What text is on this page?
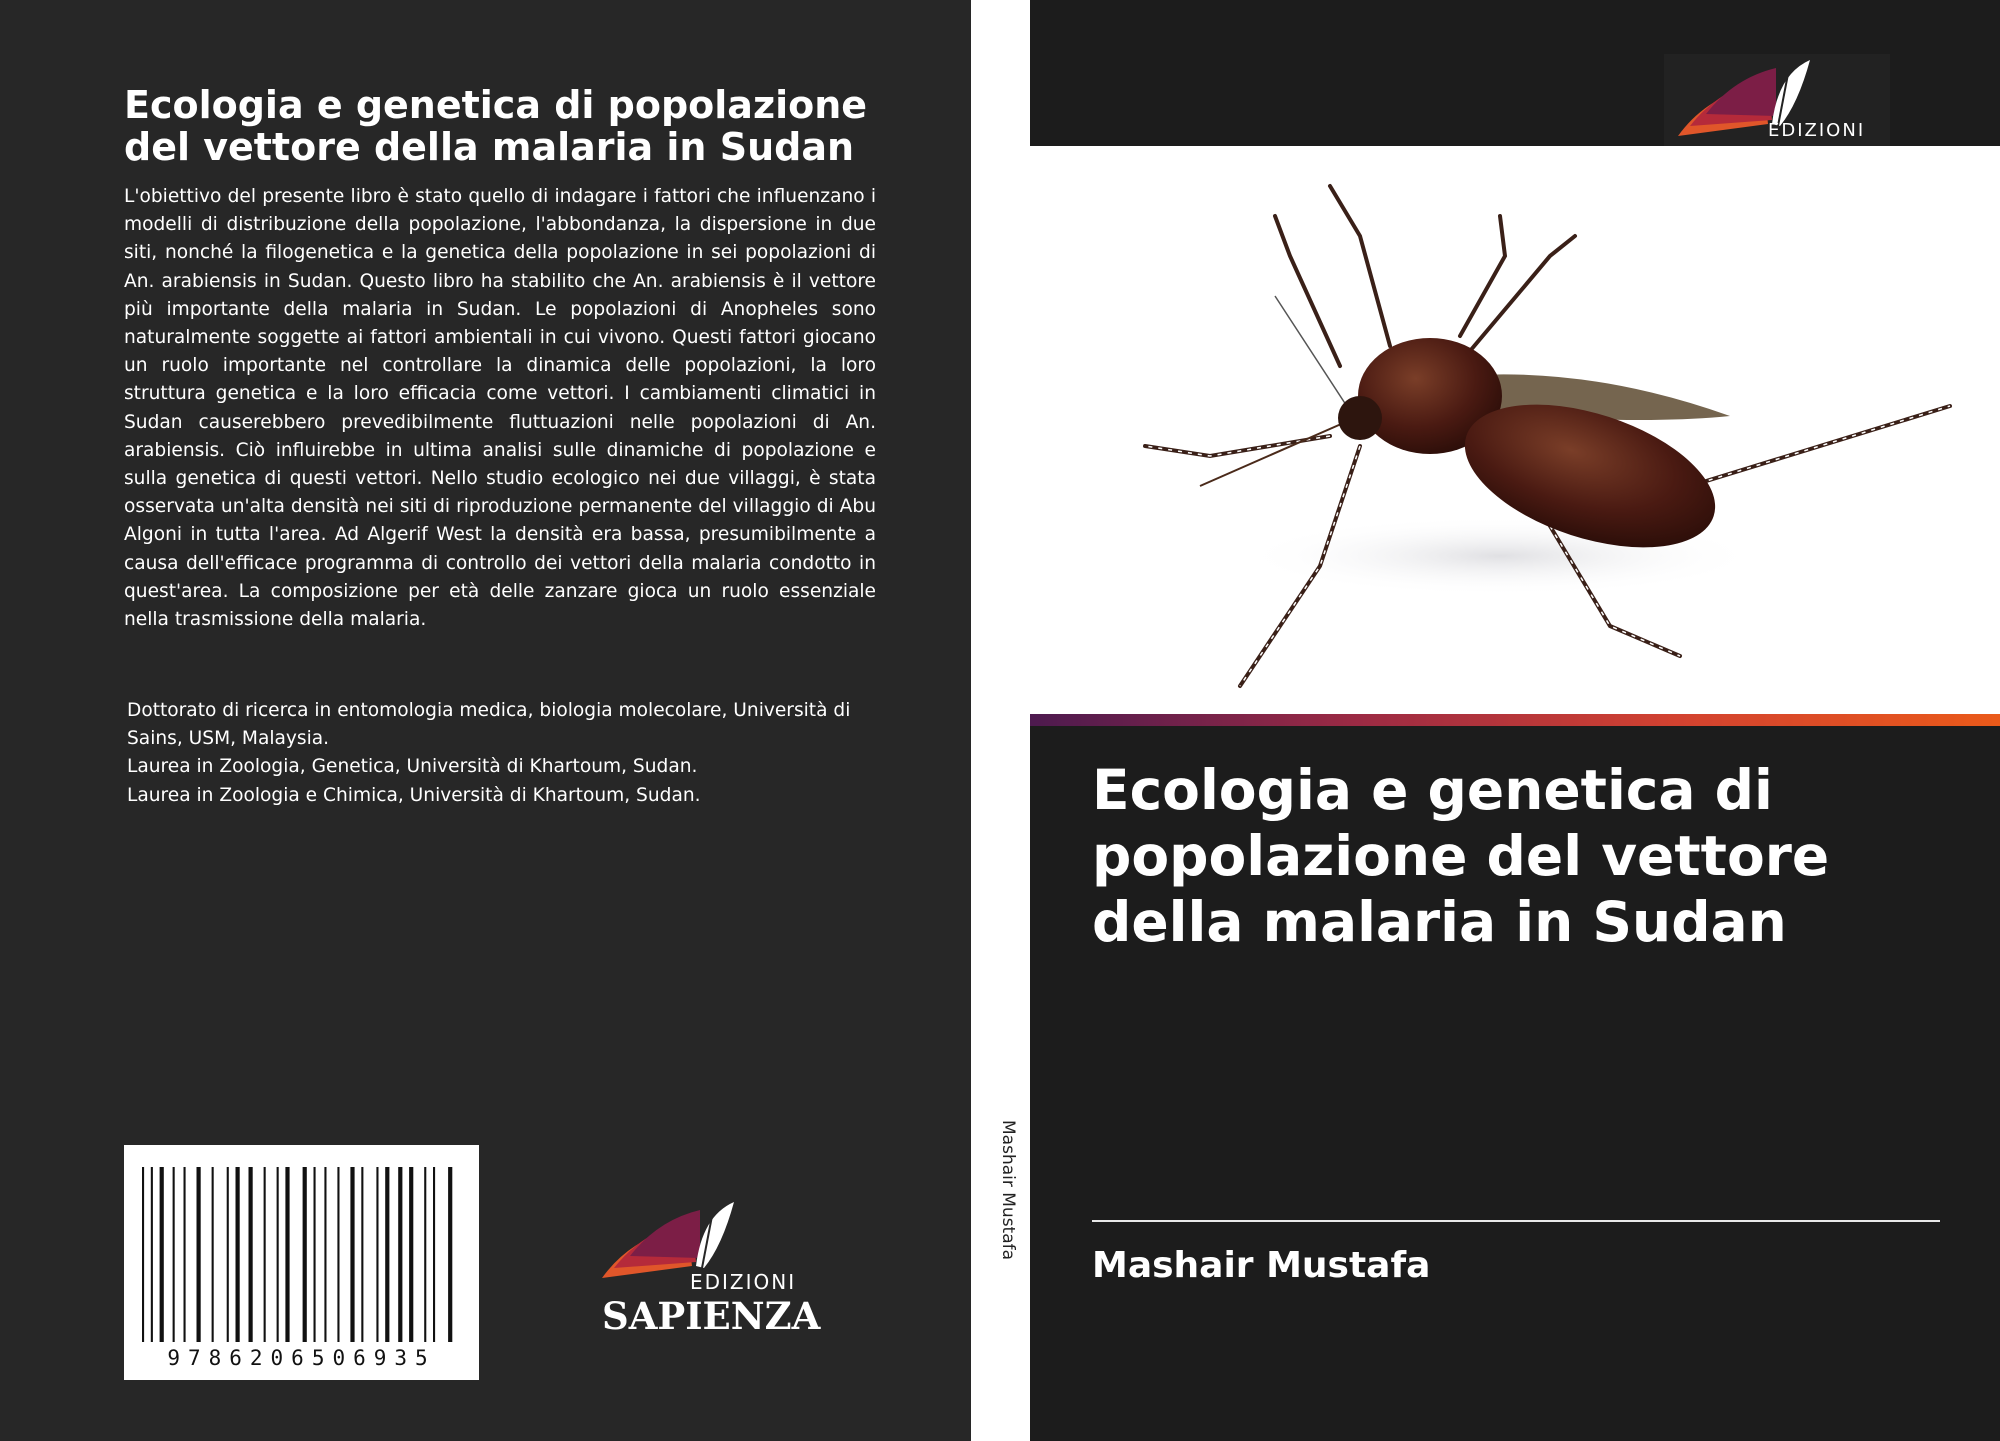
Ecologia e genetica di popolazione del vettore della malaria in Sudan

L'obiettivo del presente libro è stato quello di indagare i fattori che influenzano i modelli di distribuzione della popolazione, l'abbondanza, la dispersione in due siti, nonché la filogenetica e la genetica della popolazione in sei popolazioni di An. arabiensis in Sudan. Questo libro ha stabilito che An. arabiensis è il vettore più importante della malaria in Sudan. Le popolazioni di Anopheles sono naturalmente soggette ai fattori ambientali in cui vivono. Questi fattori giocano un ruolo importante nel controllare la dinamica delle popolazioni, la loro struttura genetica e la loro efficacia come vettori. I cambiamenti climatici in Sudan causerebbero prevedibilmente fluttuazioni nelle popolazioni di An. arabiensis. Ciò influirebbe in ultima analisi sulle dinamiche di popolazione e sulla genetica di questi vettori. Nello studio ecologico nei due villaggi, è stata osservata un'alta densità nei siti di riproduzione permanente del villaggio di Abu Algoni in tutta l'area. Ad Algerif West la densità era bassa, presumibilmente a causa dell'efficace programma di controllo dei vettori della malaria condotto in quest'area. La composizione per età delle zanzare gioca un ruolo essenziale nella trasmissione della malaria.

Dottorato di ricerca in entomologia medica, biologia molecolare, Università di Sains, USM, Malaysia.

Laurea in Zoologia, Genetica, Università di Khartoum, Sudan.

Laurea in Zoologia e Chimica, Università di Khartoum, Sudan.

9786206506935
EDIZIONI
SAPIENZA
Mashair Mustafa
EDIZIONI
Ecologia e genetica di popolazione del vettore della malaria in Sudan

Mashair Mustafa
